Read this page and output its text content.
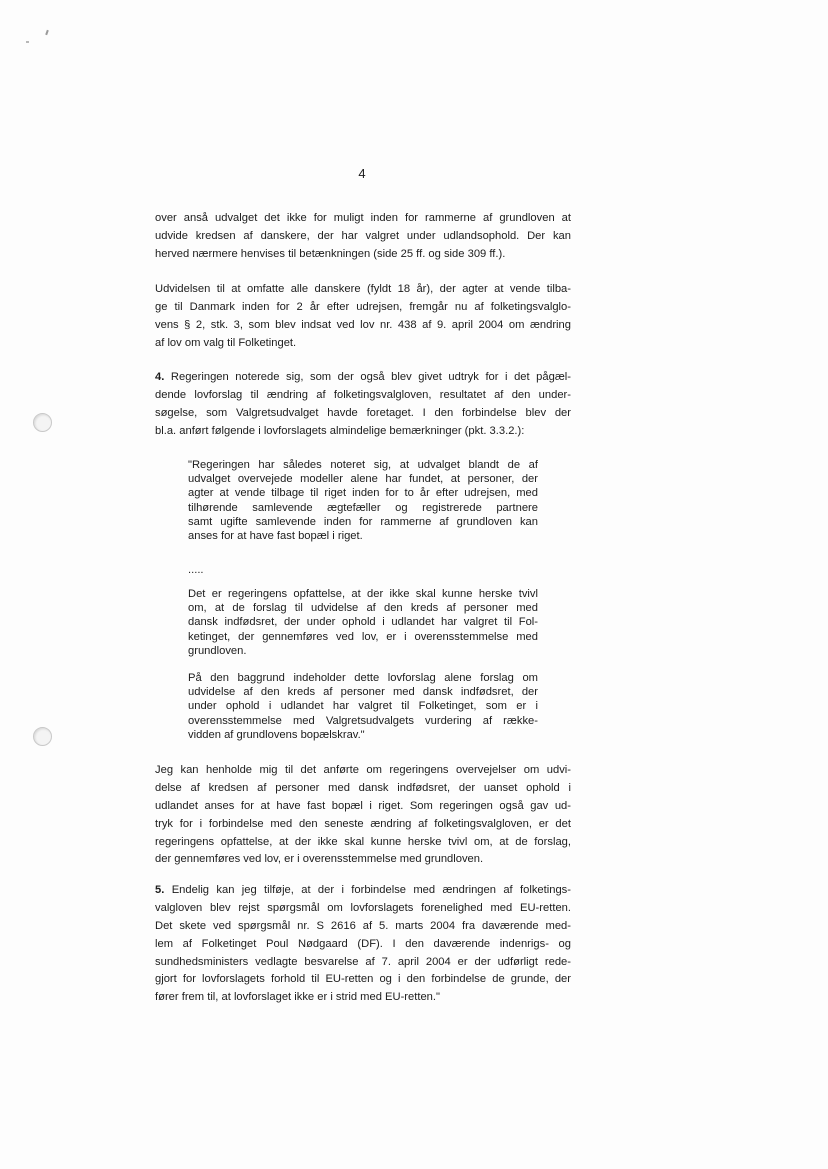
4
over anså udvalget det ikke for muligt inden for rammerne af grundloven at
udvide kredsen af danskere, der har valgret under udlandsophold. Der kan
herved nærmere henvises til betænkningen (side 25 ff. og side 309 ff.).
Udvidelsen til at omfatte alle danskere (fyldt 18 år), der agter at vende tilba-
ge til Danmark inden for 2 år efter udrejsen, fremgår nu af folketingsvalglo-
vens § 2, stk. 3, som blev indsat ved lov nr. 438 af 9. april 2004 om ændring
af lov om valg til Folketinget.
4. Regeringen noterede sig, som der også blev givet udtryk for i det pågæl-
dende lovforslag til ændring af folketingsvalgloven, resultatet af den under-
søgelse, som Valgretsudvalget havde foretaget. I den forbindelse blev der
bl.a. anført følgende i lovforslagets almindelige bemærkninger (pkt. 3.3.2.):
"Regeringen har således noteret sig, at udvalget blandt de af
udvalget overvejede modeller alene har fundet, at personer, der
agter at vende tilbage til riget inden for to år efter udrejsen, med
tilhørende samlevende ægtefæller og registrerede partnere
samt ugifte samlevende inden for rammerne af grundloven kan
anses for at have fast bopæl i riget.
.....
Det er regeringens opfattelse, at der ikke skal kunne herske tvivl
om, at de forslag til udvidelse af den kreds af personer med
dansk indfødsret, der under ophold i udlandet har valgret til Fol-
ketinget, der gennemføres ved lov, er i overensstemmelse med
grundloven.
På den baggrund indeholder dette lovforslag alene forslag om
udvidelse af den kreds af personer med dansk indfødsret, der
under ophold i udlandet har valgret til Folketinget, som er i
overensstemmelse med Valgretsudvalgets vurdering af række-
vidden af grundlovens bopælskrav."
Jeg kan henholde mig til det anførte om regeringens overvejelser om udvi-
delse af kredsen af personer med dansk indfødsret, der uanset ophold i
udlandet anses for at have fast bopæl i riget. Som regeringen også gav ud-
tryk for i forbindelse med den seneste ændring af folketingsvalgloven, er det
regeringens opfattelse, at der ikke skal kunne herske tvivl om, at de forslag,
der gennemføres ved lov, er i overensstemmelse med grundloven.
5. Endelig kan jeg tilføje, at der i forbindelse med ændringen af folketings-
valgloven blev rejst spørgsmål om lovforslagets forenelighed med EU-retten.
Det skete ved spørgsmål nr. S 2616 af 5. marts 2004 fra daværende med-
lem af Folketinget Poul Nødgaard (DF). I den daværende indenrigs- og
sundhedsministers vedlagte besvarelse af 7. april 2004 er der udførligt rede-
gjort for lovforslagets forhold til EU-retten og i den forbindelse de grunde, der
fører frem til, at lovforslaget ikke er i strid med EU-retten."
